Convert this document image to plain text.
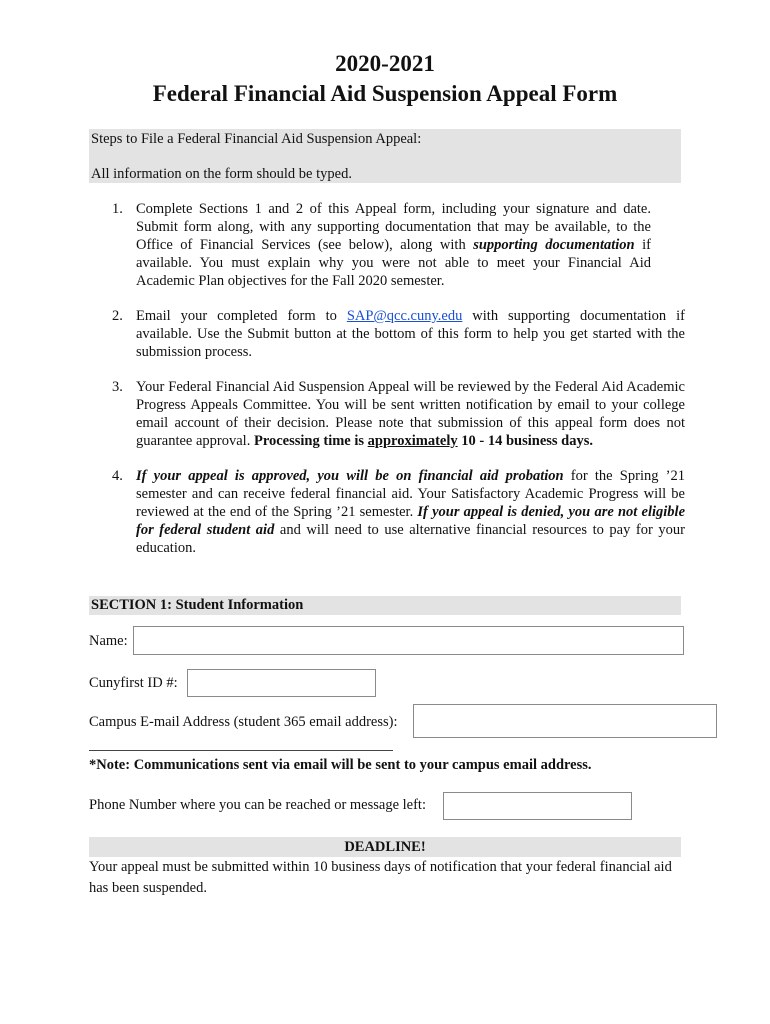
2020-2021
Federal Financial Aid Suspension Appeal Form
Steps to File a Federal Financial Aid Suspension Appeal:
All information on the form should be typed.
1. Complete Sections 1 and 2 of this Appeal form, including your signature and date. Submit form along, with any supporting documentation that may be available, to the Office of Financial Services (see below), along with supporting documentation if available. You must explain why you were not able to meet your Financial Aid Academic Plan objectives for the Fall 2020 semester.
2. Email your completed form to SAP@qcc.cuny.edu with supporting documentation if available. Use the Submit button at the bottom of this form to help you get started with the submission process.
3. Your Federal Financial Aid Suspension Appeal will be reviewed by the Federal Aid Academic Progress Appeals Committee. You will be sent written notification by email to your college email account of their decision. Please note that submission of this appeal form does not guarantee approval. Processing time is approximately 10 - 14 business days.
4. If your appeal is approved, you will be on financial aid probation for the Spring ’21 semester and can receive federal financial aid. Your Satisfactory Academic Progress will be reviewed at the end of the Spring ’21 semester. If your appeal is denied, you are not eligible for federal student aid and will need to use alternative financial resources to pay for your education.
SECTION 1: Student Information
Name:
Cunyfirst ID #:
Campus E-mail Address (student 365 email address):
*Note: Communications sent via email will be sent to your campus email address.
Phone Number where you can be reached or message left:
DEADLINE!
Your appeal must be submitted within 10 business days of notification that your federal financial aid has been suspended.
